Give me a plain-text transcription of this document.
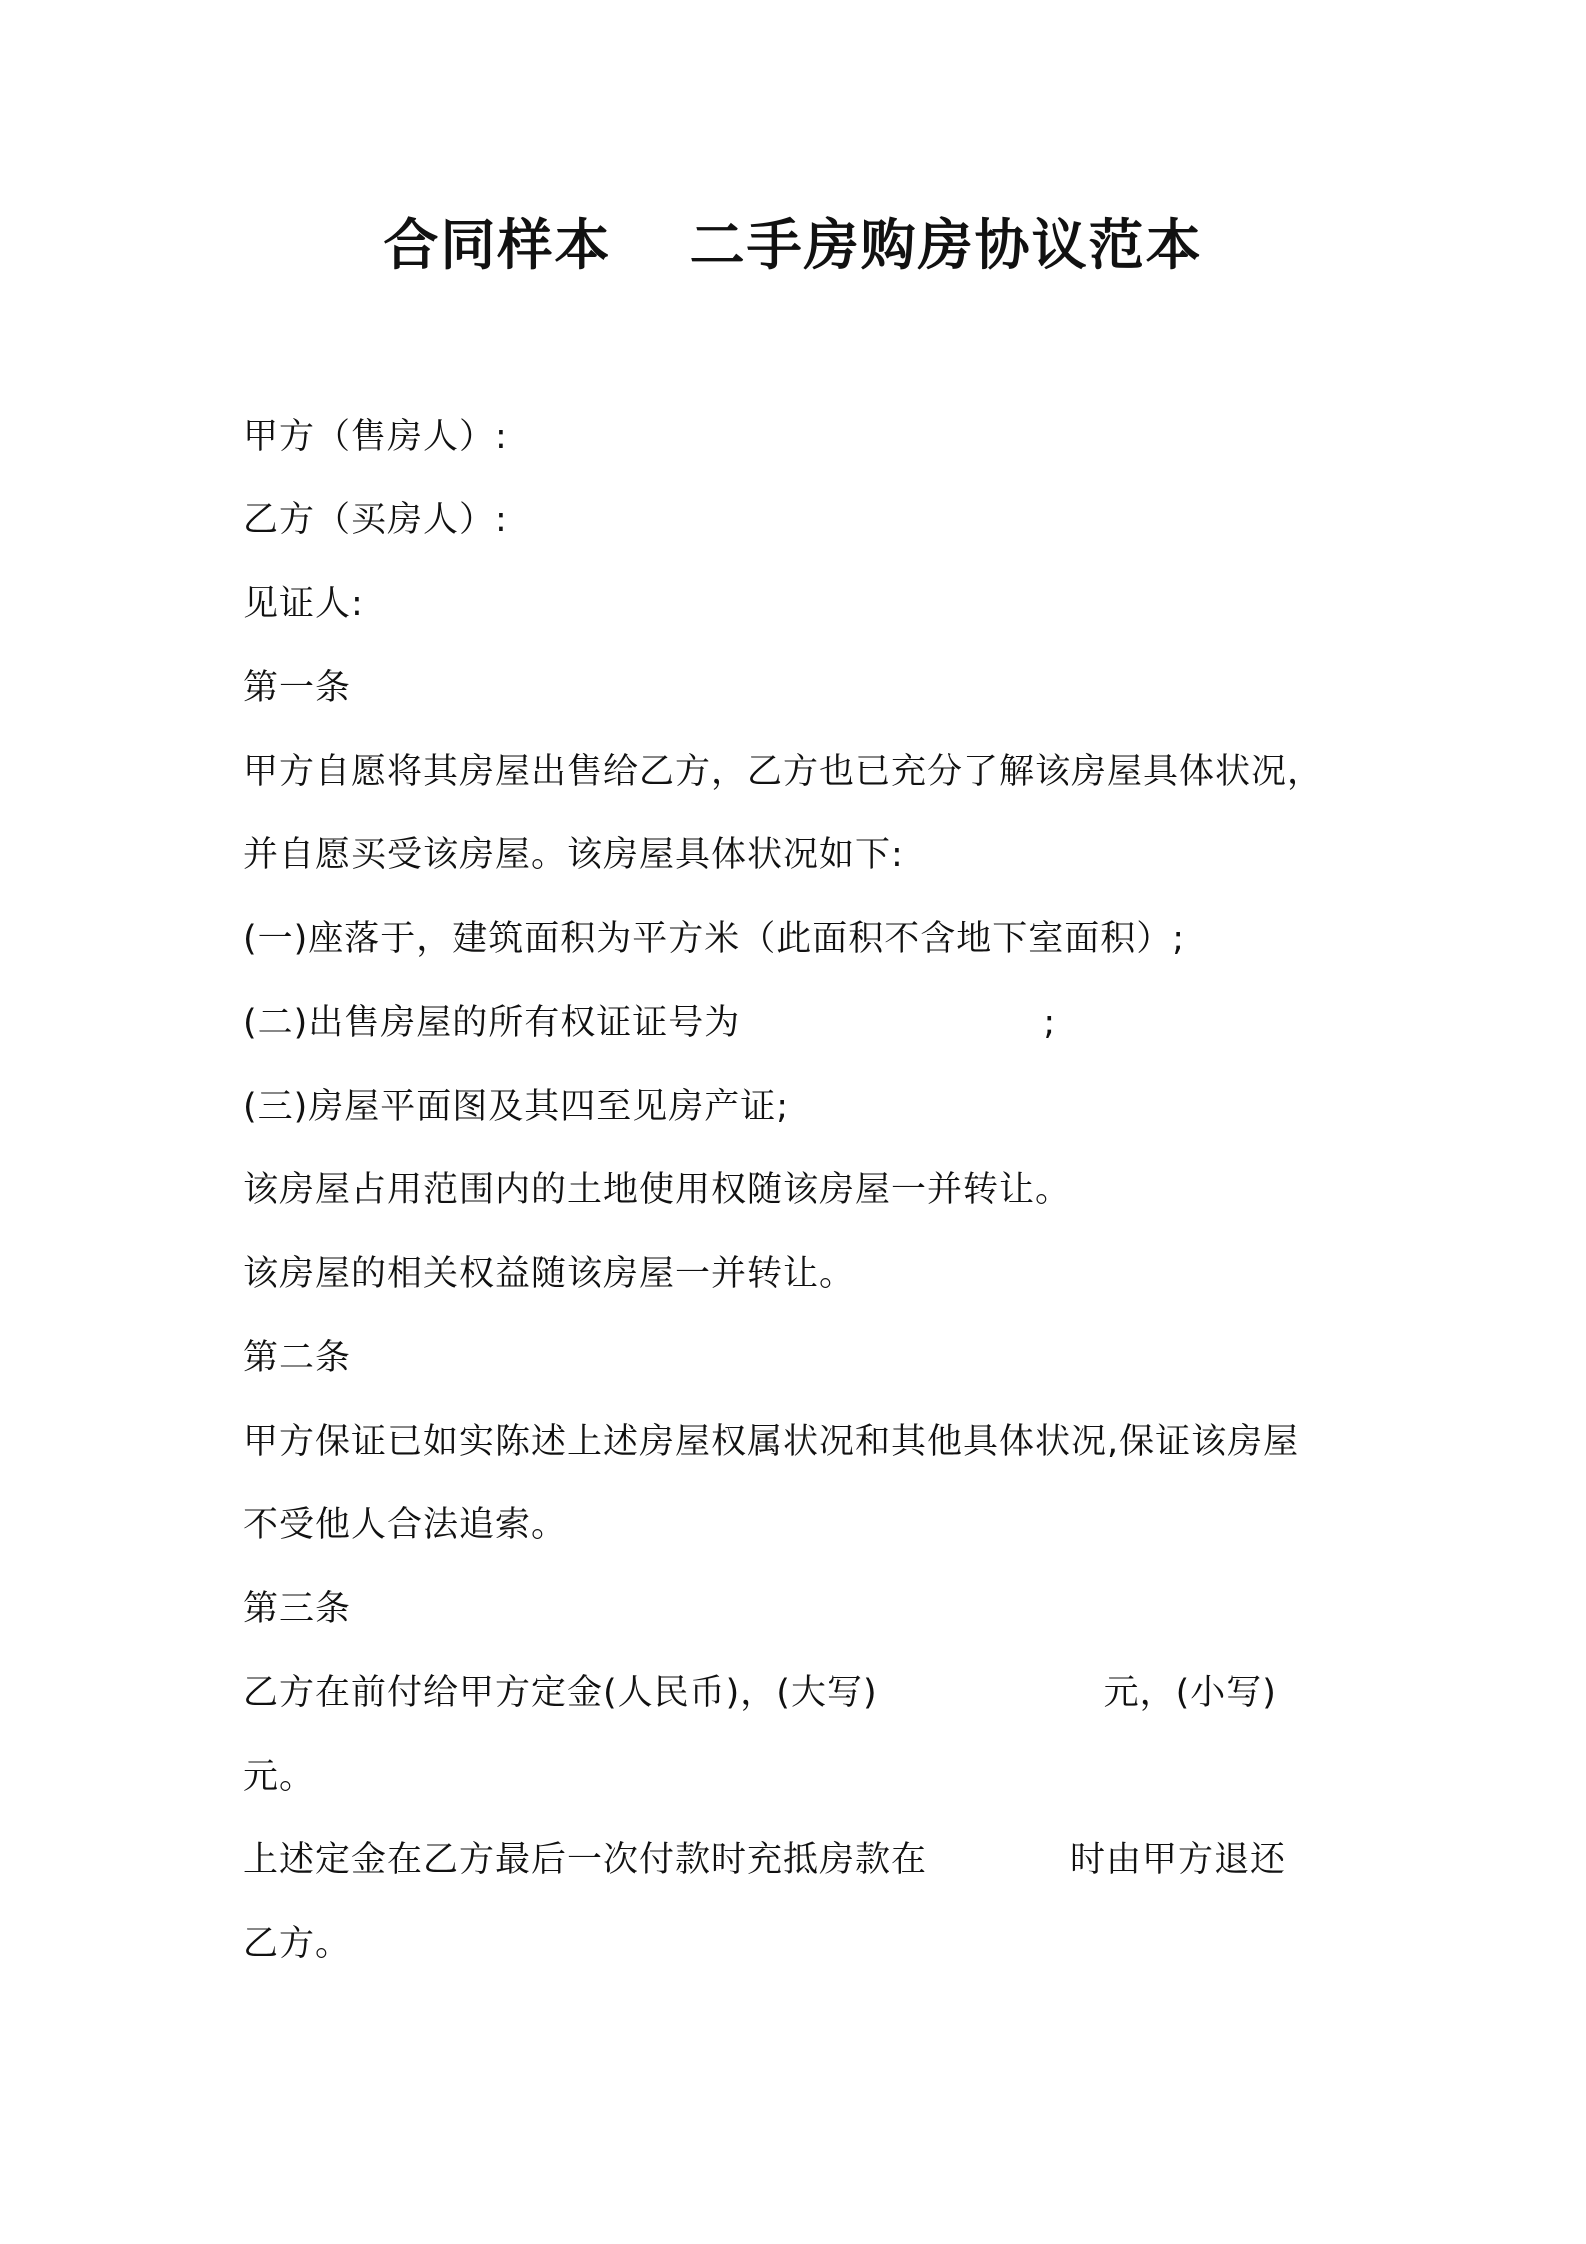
合同样本　 二手房购房协议范本
甲方（售房人）:
乙方（买房人）:
见证人:
第一条
甲方自愿将其房屋出售给乙方，乙方也已充分了解该房屋具体状况，
并自愿买受该房屋。该房屋具体状况如下:
(一)座落于，建筑面积为平方米（此面积不含地下室面积）;
(二)出售房屋的所有权证证号为	;
(三)房屋平面图及其四至见房产证;
该房屋占用范围内的土地使用权随该房屋一并转让。
该房屋的相关权益随该房屋一并转让。
第二条
甲方保证已如实陈述上述房屋权属状况和其他具体状况,保证该房屋
不受他人合法追索。
第三条
乙方在前付给甲方定金(人民币)，(大写)	元，(小写)
元。
上述定金在乙方最后一次付款时充抵房款在	时由甲方退还
乙方。
